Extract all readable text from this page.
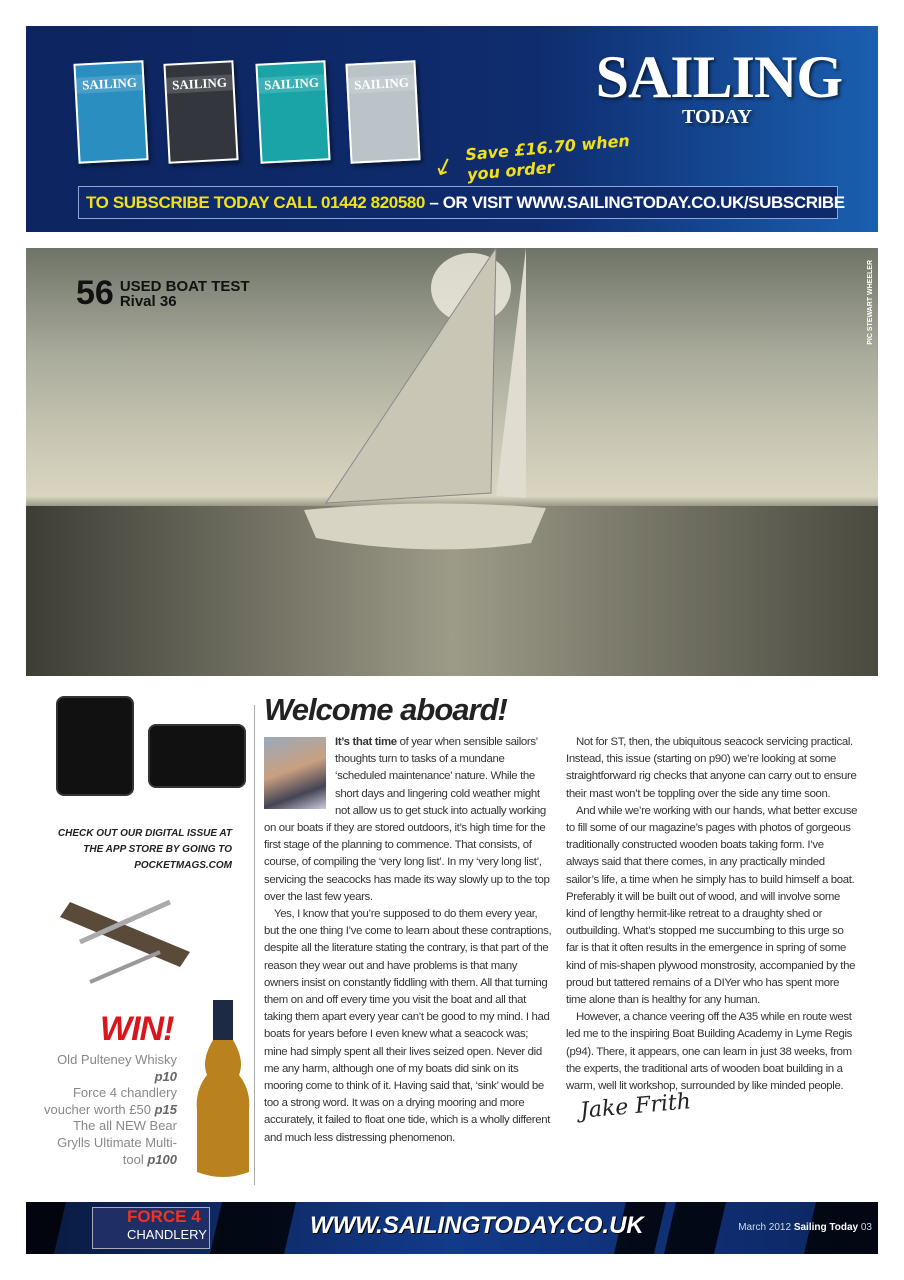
SAILING	SAILING	SAILING	SAILING	SAILING
TODAY
↙
Save £16.70 when
you order
TO SUBSCRIBE TODAY CALL 01442 820580 – OR VISIT WWW.SAILINGTODAY.CO.UK/SUBSCRIBE
56 USED BOAT TEST
Rival 36	PIC STEWART WHEELER
CHECK OUT OUR DIGITAL ISSUE AT THE APP STORE BY GOING TO POCKETMAGS.COM
WIN!
Old Pulteney Whisky p10
Force 4 chandlery voucher worth £50 p15
The all NEW Bear Grylls Ultimate Multi-tool p100
Welcome aboard!

It’s that time of year when sensible sailors’ thoughts turn to tasks of a mundane ‘scheduled maintenance’ nature. While the short days and lingering cold weather might not allow us to get stuck into actually working on our boats if they are stored outdoors, it’s high time for the first stage of the planning to commence. That consists, of course, of compiling the ‘very long list’. In my ‘very long list’, servicing the seacocks has made its way slowly up to the top over the last few years.

Yes, I know that you’re supposed to do them every year, but the one thing I’ve come to learn about these contraptions, despite all the literature stating the contrary, is that part of the reason they wear out and have problems is that many owners insist on constantly fiddling with them. All that turning them on and off every time you visit the boat and all that taking them apart every year can’t be good to my mind. I had boats for years before I even knew what a seacock was; mine had simply spent all their lives seized open. Never did me any harm, although one of my boats did sink on its mooring come to think of it. Having said that, ‘sink’ would be too a strong word. It was on a drying mooring and more accurately, it failed to float one tide, which is a wholly different and much less distressing phenomenon.

Not for ST, then, the ubiquitous seacock servicing practical. Instead, this issue (starting on p90) we’re looking at some straightforward rig checks that anyone can carry out to ensure their mast won’t be toppling over the side any time soon.

And while we’re working with our hands, what better excuse to fill some of our magazine’s pages with photos of gorgeous traditionally constructed wooden boats taking form. I’ve always said that there comes, in any practically minded sailor’s life, a time when he simply has to build himself a boat. Preferably it will be built out of wood, and will involve some kind of lengthy hermit-like retreat to a draughty shed or outbuilding. What’s stopped me succumbing to this urge so far is that it often results in the emergence in spring of some kind of mis-shapen plywood monstrosity, accompanied by the proud but tattered remains of a DIYer who has spent more time alone than is healthy for any human.

However, a chance veering off the A35 while en route west led me to the inspiring Boat Building Academy in Lyme Regis (p94). There, it appears, one can learn in just 38 weeks, from the experts, the traditional arts of wooden boat building in a warm, well lit workshop, surrounded by like minded people.Jake Frith

FORCE 4
CHANDLERY	WWW.SAILINGTODAY.CO.UK	March 2012 Sailing Today 03
